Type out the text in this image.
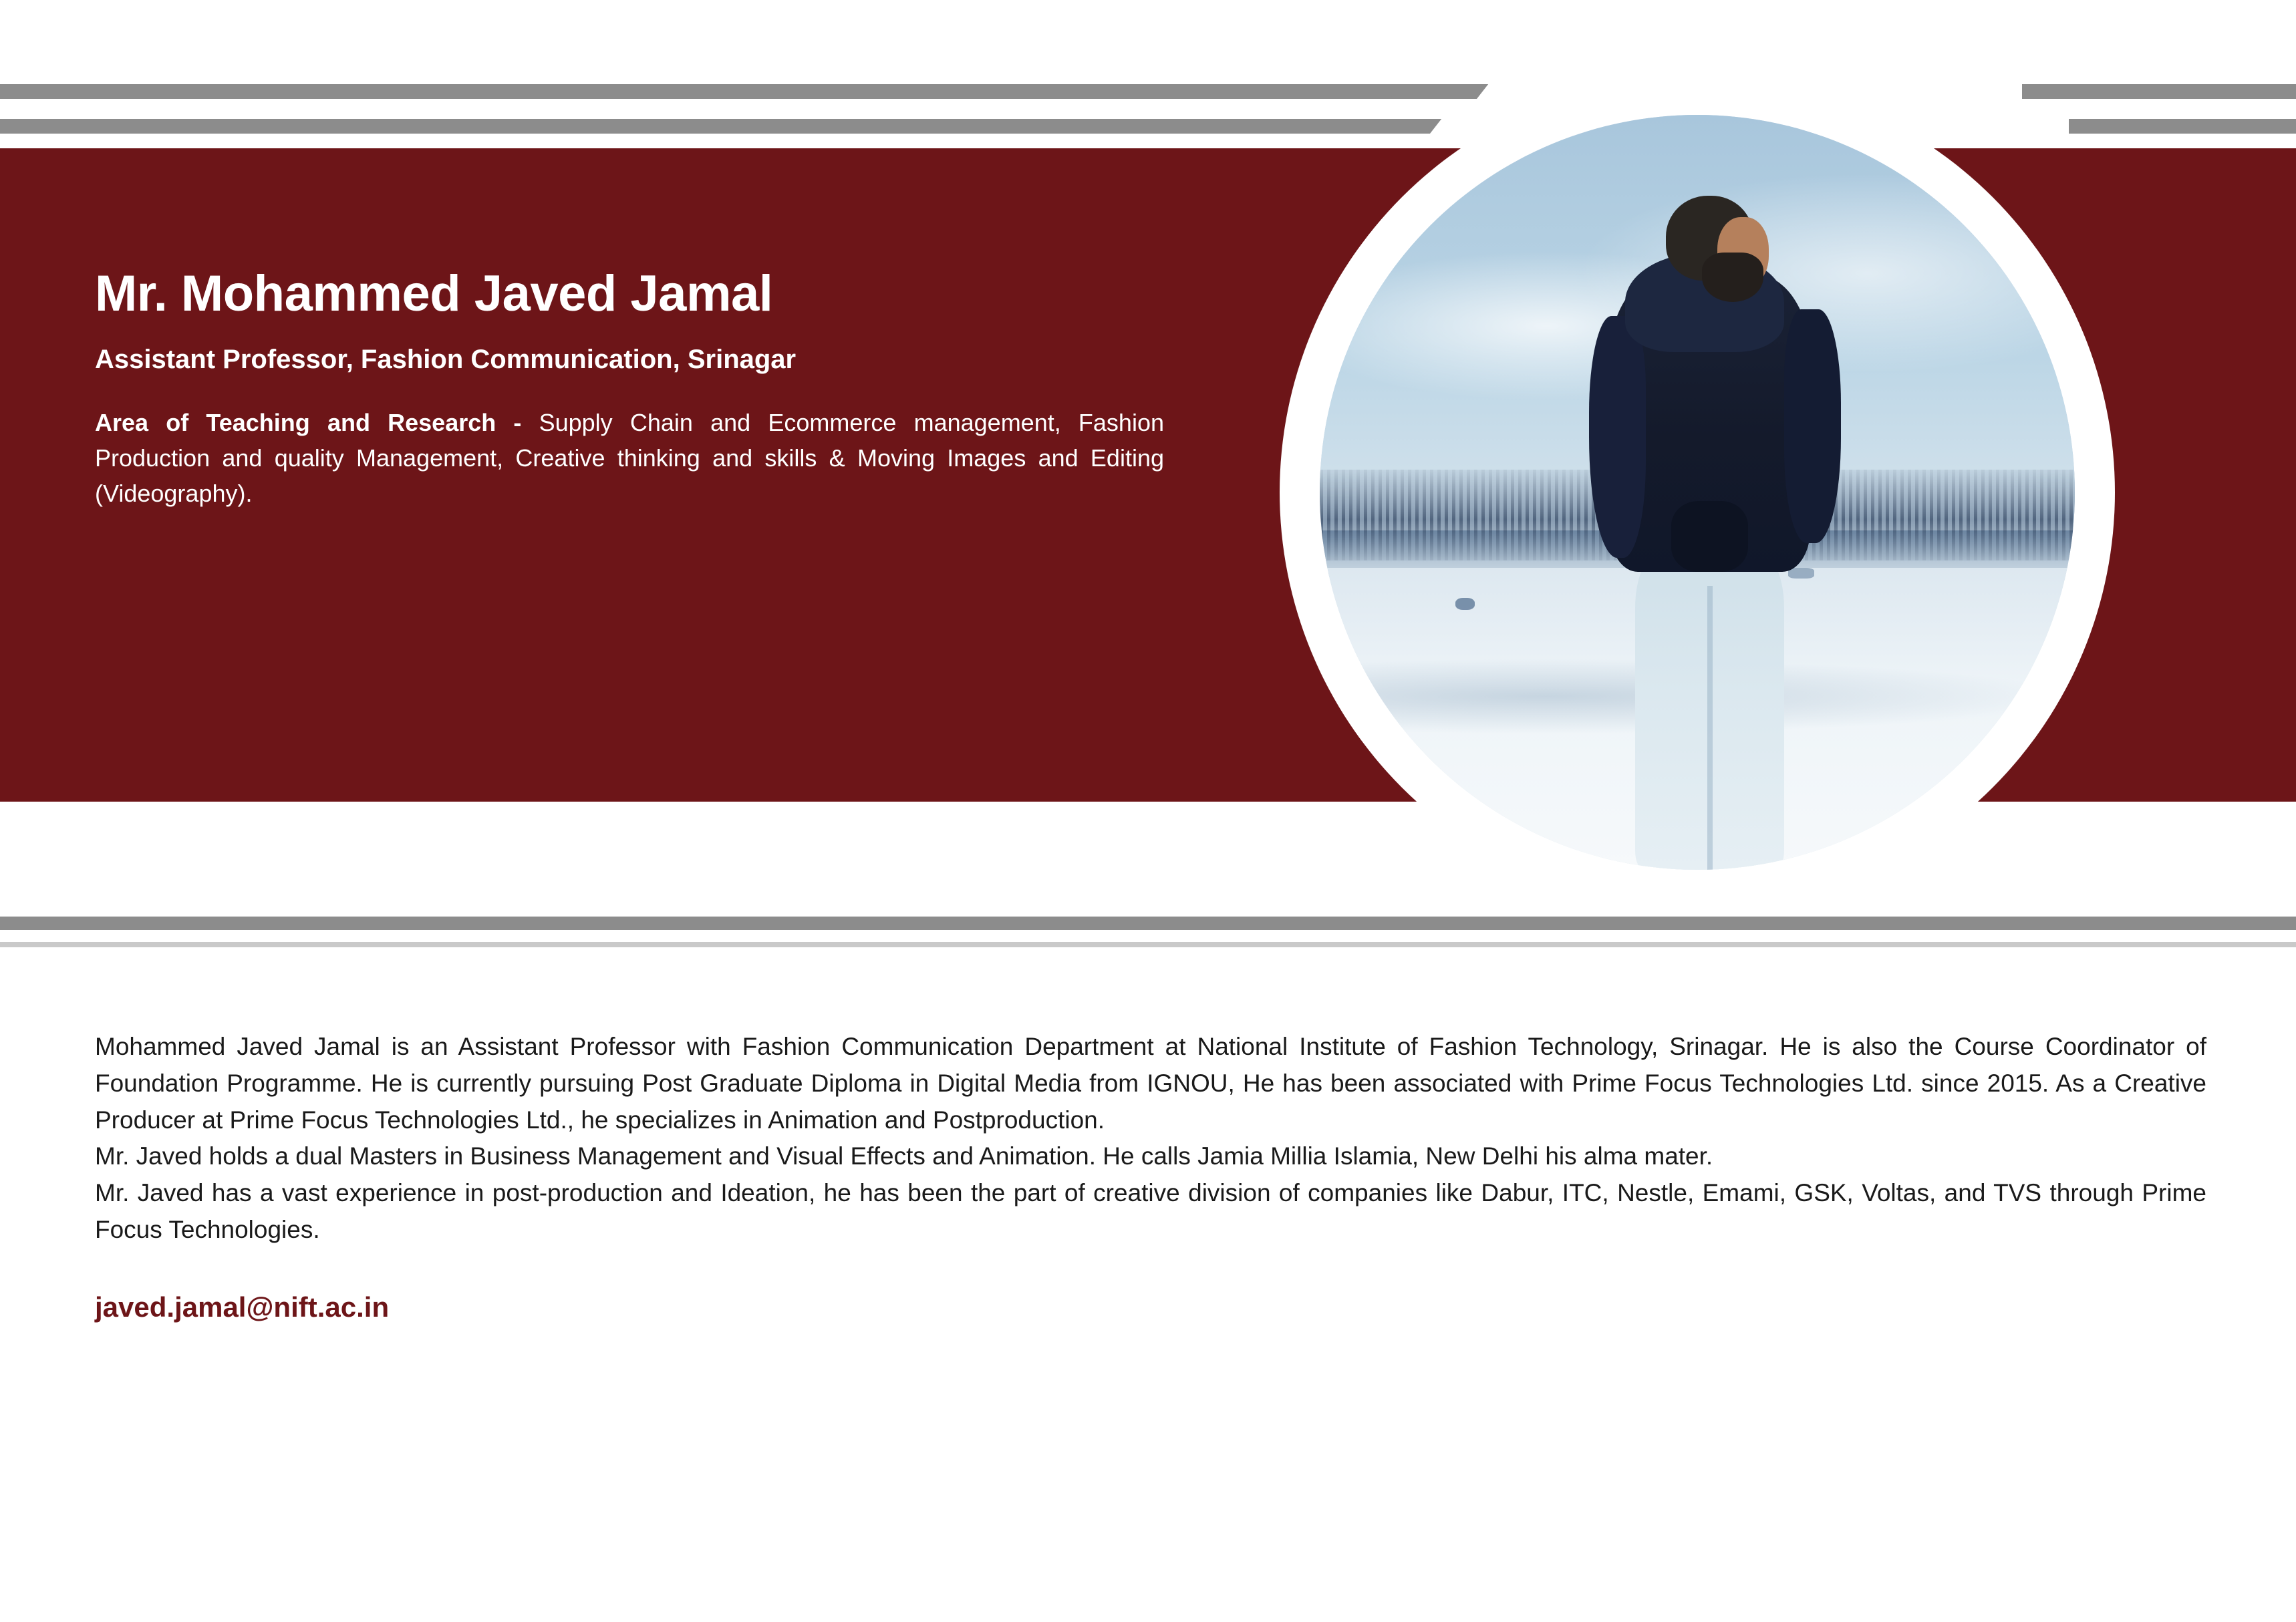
Mr. Mohammed Javed Jamal
Assistant Professor, Fashion Communication, Srinagar
Area of Teaching and Research - Supply Chain and Ecommerce management, Fashion Production and quality Management, Creative thinking and skills & Moving Images and Editing (Videography).

Mohammed Javed Jamal is an Assistant Professor with Fashion Communication Department at National Institute of Fashion Technology, Srinagar. He is also the Course Coordinator of Foundation Programme. He is currently pursuing Post Graduate Diploma in Digital Media from IGNOU, He has been associated with Prime Focus Technologies Ltd. since 2015. As a Creative Producer at Prime Focus Technologies Ltd., he specializes in Animation and Postproduction.

Mr. Javed holds a dual Masters in Business Management and Visual Effects and Animation. He calls Jamia Millia Islamia, New Delhi his alma mater.

Mr. Javed has a vast experience in post-production and Ideation, he has been the part of creative division of companies like Dabur, ITC, Nestle, Emami, GSK, Voltas, and TVS through Prime Focus Technologies.

javed.jamal@nift.ac.in
